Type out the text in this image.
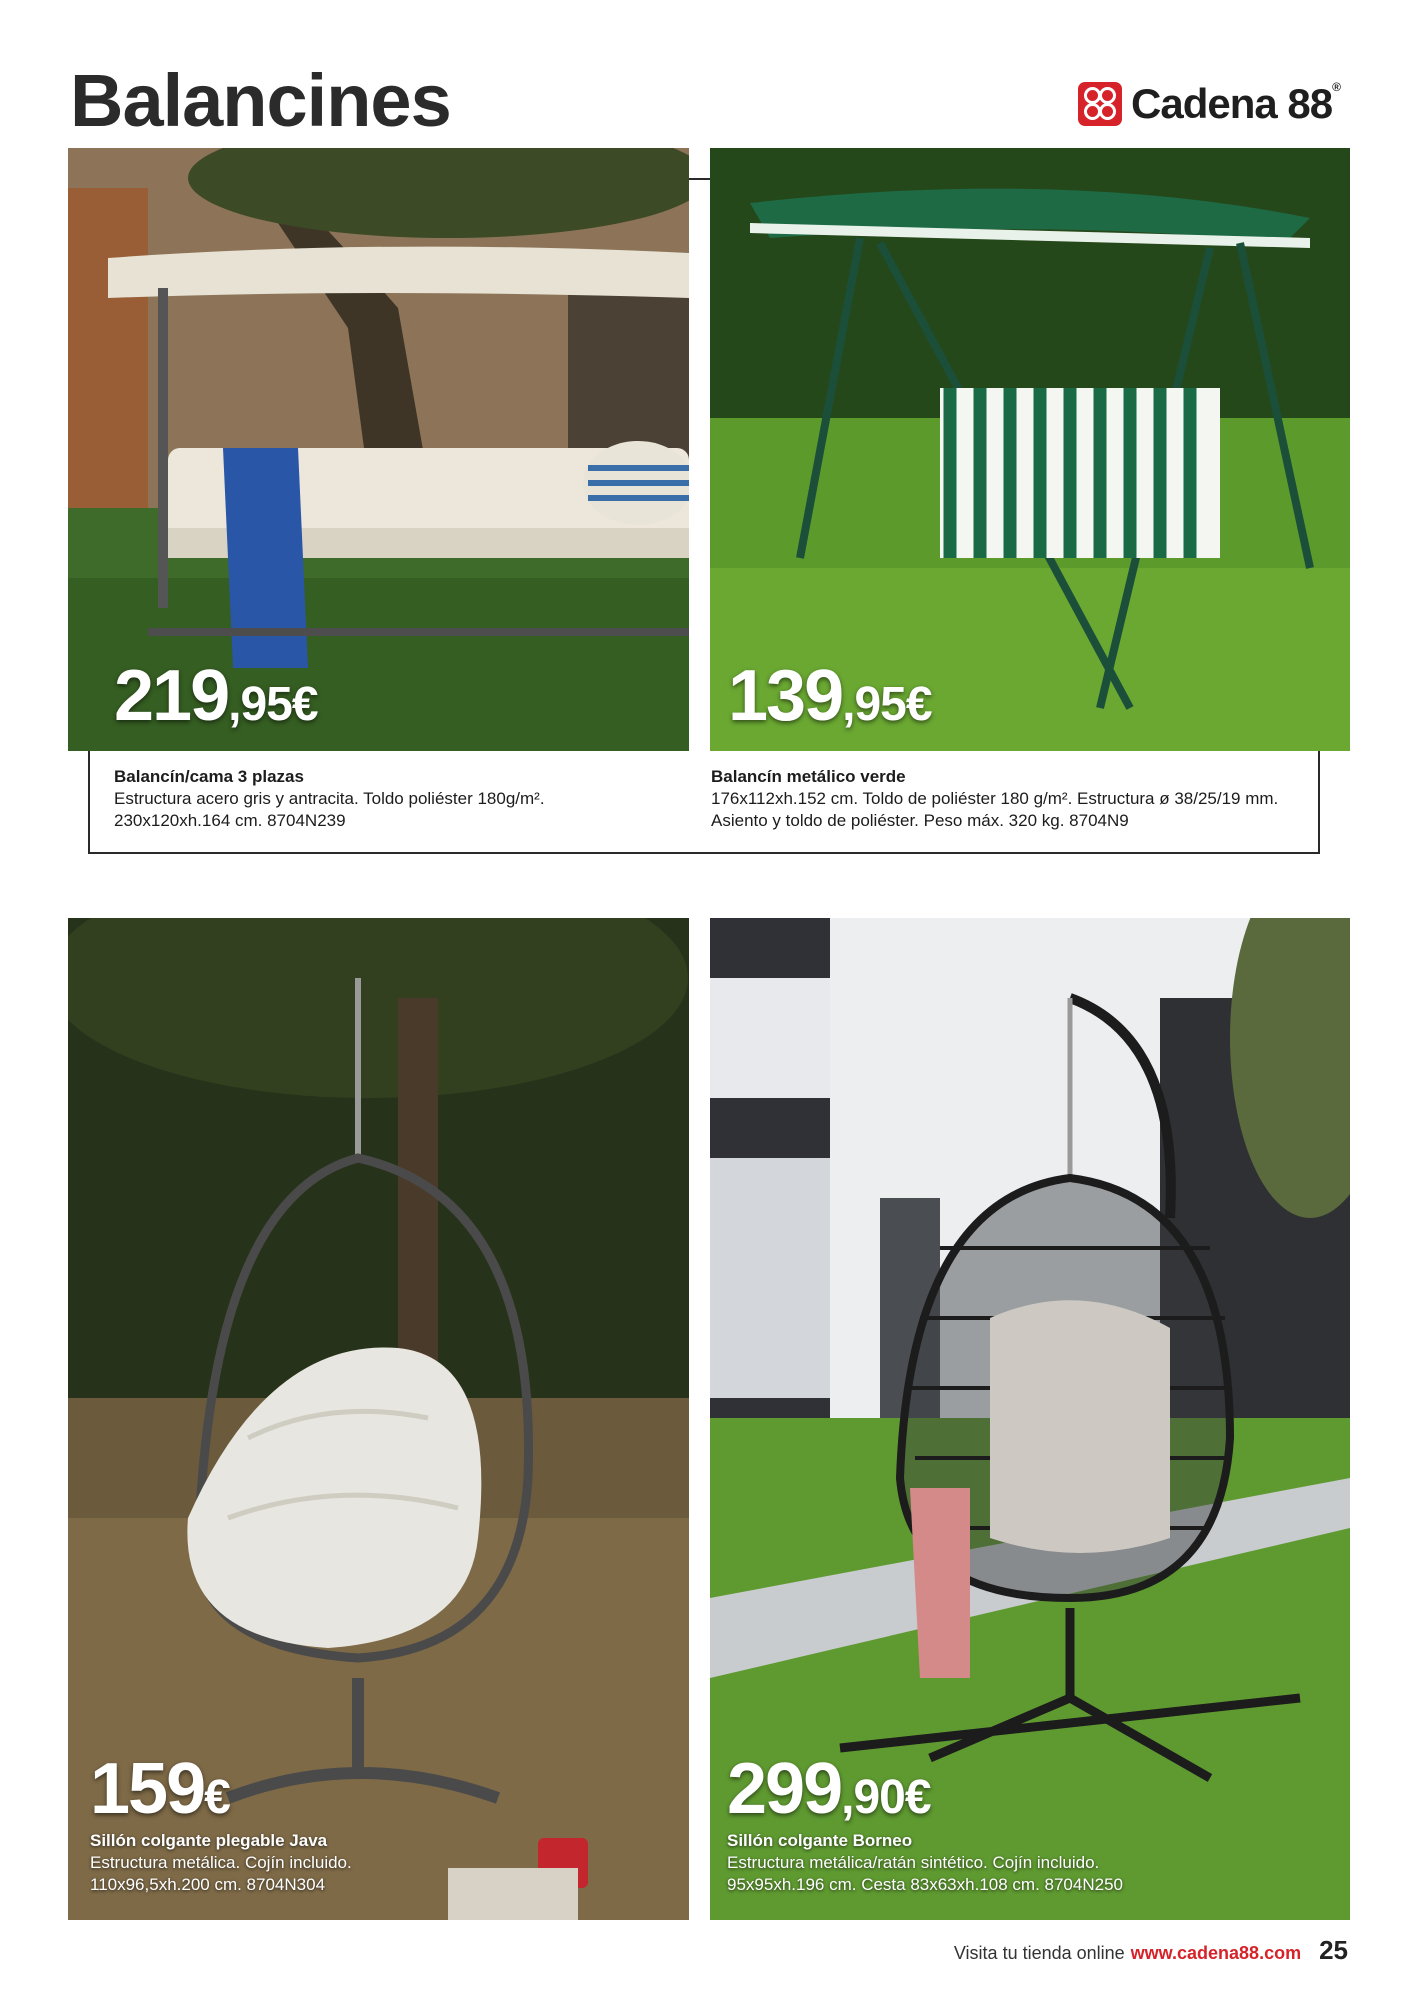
Balancines	Cadena 88®
219,95€	139,95€
Balancín/cama 3 plazas
Estructura acero gris y antracita. Toldo poliéster 180g/m².
230x120xh.164 cm. 8704N239
Balancín metálico verde
176x112xh.152 cm. Toldo de poliéster 180 g/m². Estructura ø 38/25/19 mm.
Asiento y toldo de poliéster. Peso máx. 320 kg. 8704N9
159€	299,90€
Sillón colgante plegable Java
Estructura metálica. Cojín incluido.
110x96,5xh.200 cm. 8704N304
Sillón colgante Borneo
Estructura metálica/ratán sintético. Cojín incluido.
95x95xh.196 cm. Cesta 83x63xh.108 cm. 8704N250
Visita tu tienda online www.cadena88.com 25
